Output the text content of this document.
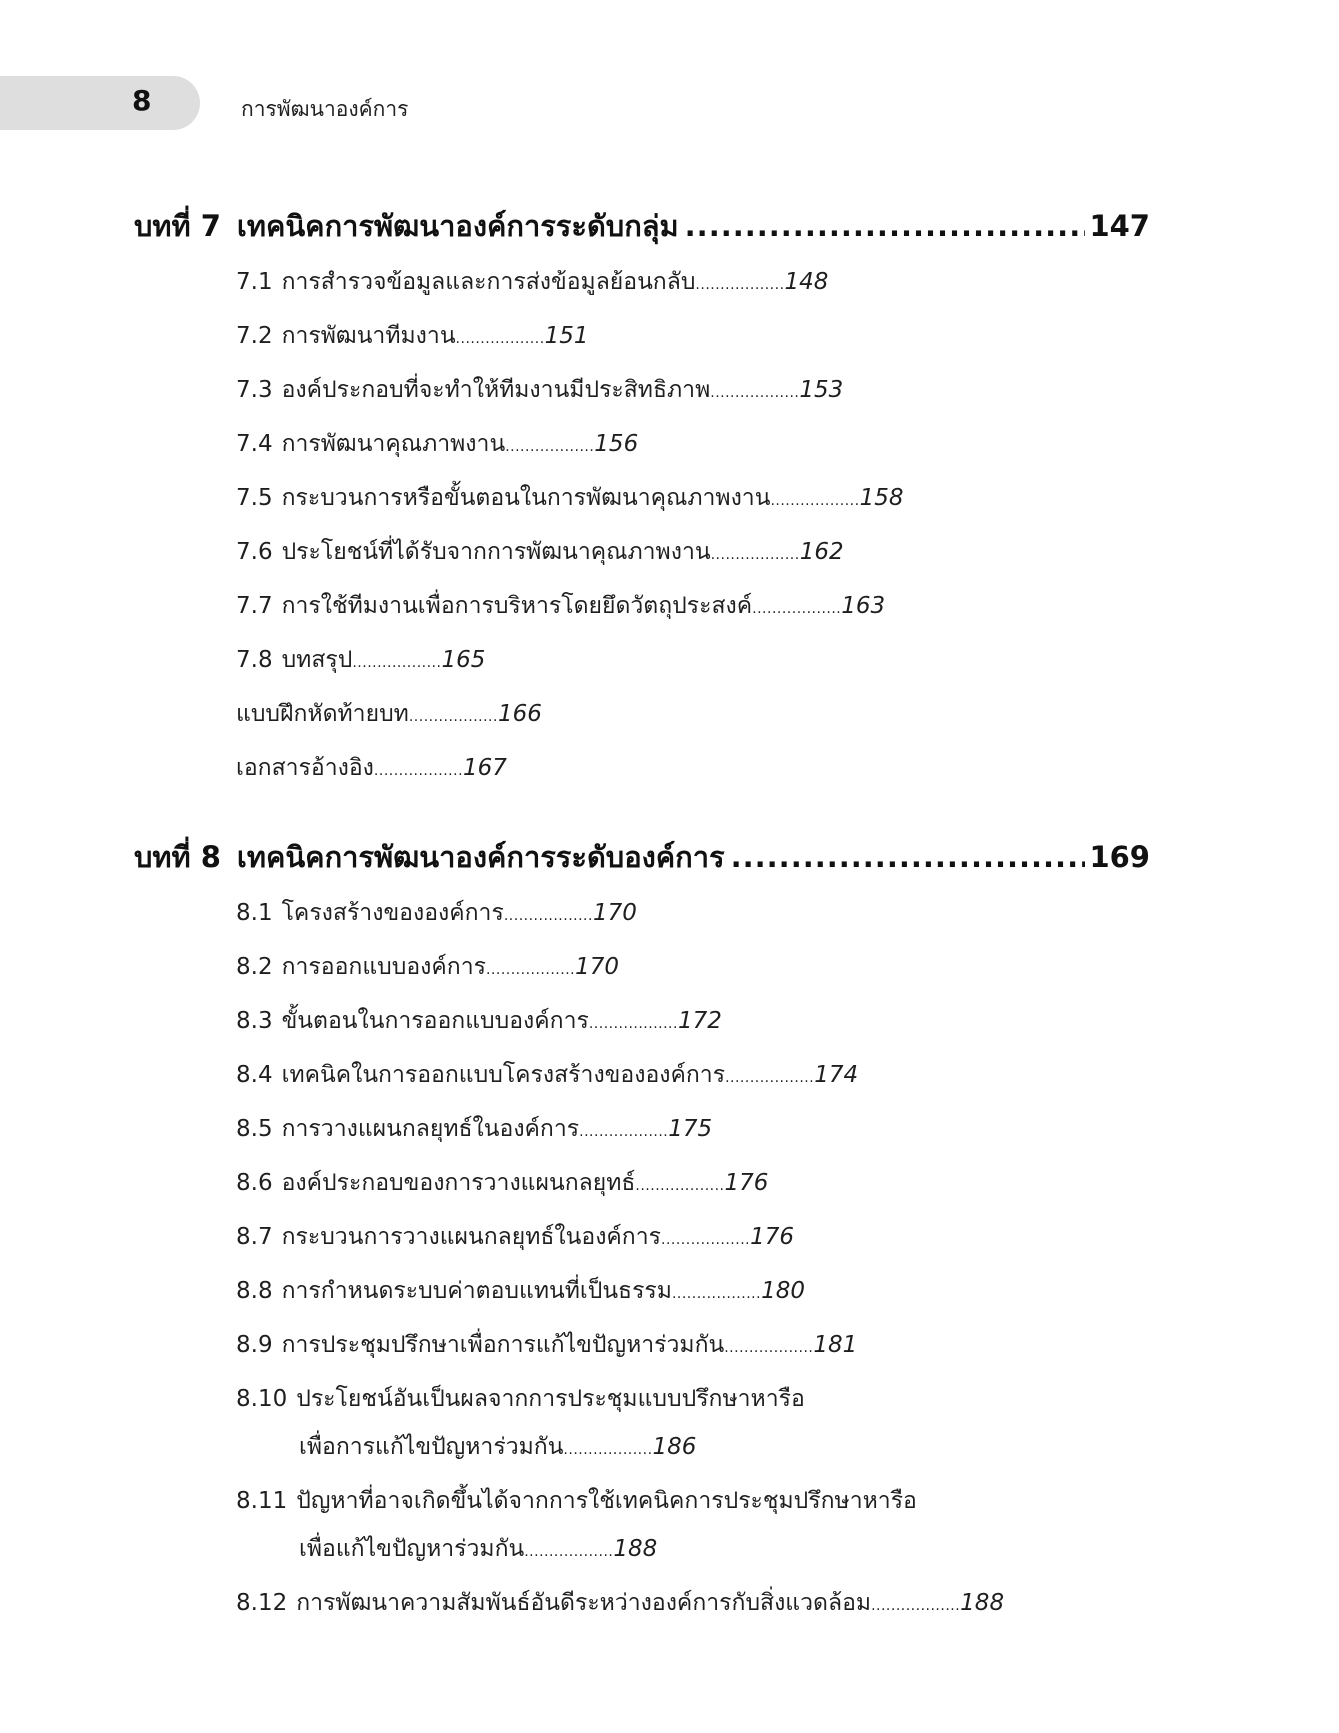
8	การพัฒนาองค์การ
บทที่ 7 เทคนิคการพัฒนาองค์การระดับกลุ่ม .....	147
7.1 การสำรวจข้อมูลและการส่งข้อมูลย้อนกลับ .....	148
7.2 การพัฒนาทีมงาน .....	151
7.3 องค์ประกอบที่จะทำให้ทีมงานมีประสิทธิภาพ .....	153
7.4 การพัฒนาคุณภาพงาน .....	156
7.5 กระบวนการหรือขั้นตอนในการพัฒนาคุณภาพงาน .....	158
7.6 ประโยชน์ที่ได้รับจากการพัฒนาคุณภาพงาน .....	162
7.7 การใช้ทีมงานเพื่อการบริหารโดยยึดวัตถุประสงค์ .....	163
7.8 บทสรุป .....	165
แบบฝึกหัดท้ายบท .....	166
เอกสารอ้างอิง .....	167
บทที่ 8 เทคนิคการพัฒนาองค์การระดับองค์การ .....	169
8.1 โครงสร้างขององค์การ .....	170
8.2 การออกแบบองค์การ .....	170
8.3 ขั้นตอนในการออกแบบองค์การ .....	172
8.4 เทคนิคในการออกแบบโครงสร้างขององค์การ .....	174
8.5 การวางแผนกลยุทธ์ในองค์การ .....	175
8.6 องค์ประกอบของการวางแผนกลยุทธ์ .....	176
8.7 กระบวนการวางแผนกลยุทธ์ในองค์การ .....	176
8.8 การกำหนดระบบค่าตอบแทนที่เป็นธรรม .....	180
8.9 การประชุมปรึกษาเพื่อการแก้ไขปัญหาร่วมกัน .....	181
8.10 ประโยชน์อันเป็นผลจากการประชุมแบบปรึกษาหารือ
เพื่อการแก้ไขปัญหาร่วมกัน .....	186
8.11 ปัญหาที่อาจเกิดขึ้นได้จากการใช้เทคนิคการประชุมปรึกษาหารือ
เพื่อแก้ไขปัญหาร่วมกัน .....	188
8.12 การพัฒนาความสัมพันธ์อันดีระหว่างองค์การกับสิ่งแวดล้อม .....	188
